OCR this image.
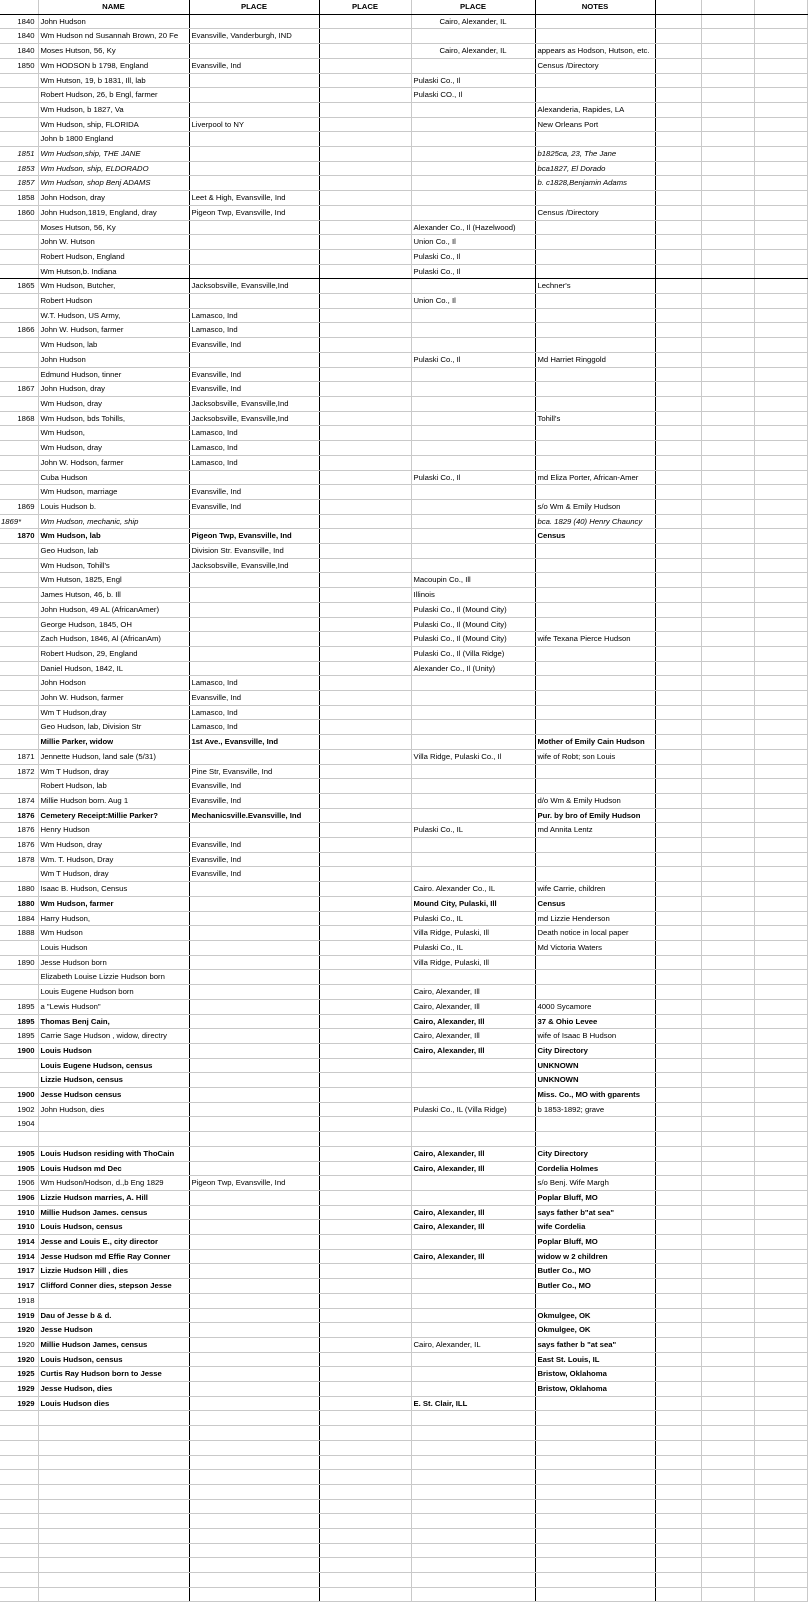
	NAME	PLACE	PLACE	PLACE	NOTES			
1840	John Hudson			Cairo, Alexander, IL				
1840	Wm Hudson nd Susannah Brown, 20 Fe	Evansville, Vanderburgh, IND						
1840	Moses Hutson, 56, Ky			Cairo, Alexander, IL	appears as Hodson, Hutson, etc.			
1850	Wm HODSON b 1798, England	Evansville, Ind			Census /Directory			
	Wm Hutson, 19, b 1831, Ill, lab			Pulaski Co., Il				
	Robert Hudson, 26, b Engl, farmer			Pulaski CO., Il				
	Wm Hudson, b 1827, Va				Alexanderia, Rapides, LA			
	Wm Hudson, ship, FLORIDA	Liverpool to NY			New Orleans Port			
	John b 1800 England							
1851	Wm Hudson,ship, THE JANE				b1825ca, 23, The Jane			
1853	Wm Hudson, ship, ELDORADO				bca1827, El Dorado			
1857	Wm Hudson, shop Benj ADAMS				b. c1828,Benjamin Adams			
1858	John Hodson, dray	Leet & High, Evansville, Ind						
1860	John Hudson,1819, England, dray	Pigeon Twp, Evansville, Ind			Census /Directory			
	Moses Hutson, 56, Ky			Alexander Co., Il (Hazelwood)				
	John W. Hutson			Union Co., Il				
	Robert Hudson, England			Pulaski Co., Il				
	Wm Hutson,b. Indiana			Pulaski Co., Il				
1865	Wm Hudson, Butcher,	Jacksobsville, Evansville,Ind			Lechner's			
	Robert Hudson			Union Co., Il				
	W.T. Hudson, US Army,	Lamasco, Ind						
1866	John W. Hudson, farmer	Lamasco, Ind						
	Wm Hudson, lab	Evansville, Ind						
	John Hudson			Pulaski Co., Il	Md Harriet Ringgold			
	Edmund Hudson, tinner	Evansville, Ind						
1867	John Hudson, dray	Evansville, Ind						
	Wm Hudson, dray	Jacksobsville, Evansville,Ind						
1868	Wm Hudson, bds Tohills,	Jacksobsville, Evansville,Ind			Tohill's			
	Wm Hudson,	Lamasco, Ind						
	Wm Hudson, dray	Lamasco, Ind						
	John W. Hodson, farmer	Lamasco, Ind						
	Cuba Hudson			Pulaski Co., Il	md Eliza Porter, African-Amer			
	Wm Hudson, marriage	Evansville, Ind						
1869	Louis Hudson b.	Evansville, Ind			s/o Wm & Emily Hudson			
1869*	Wm Hudson, mechanic, ship				bca. 1829 (40) Henry Chauncy			
1870	Wm Hudson, lab	Pigeon Twp, Evansville, Ind			Census			
	Geo Hudson, lab	Division Str. Evansville, Ind						
	Wm Hudson, Tohill's	Jacksobsville, Evansville,Ind						
	Wm Hutson, 1825, Engl			Macoupin Co., Ill				
	James Hutson, 46, b. Ill			Illinois				
	John Hudson, 49 AL (AfricanAmer)			Pulaski Co., Il (Mound City)				
	George Hudson, 1845, OH			Pulaski Co., Il (Mound City)				
	Zach Hudson, 1846, Al (AfricanAm)			Pulaski Co., Il (Mound City)	wife Texana Pierce Hudson			
	Robert Hudson, 29, England			Pulaski Co., Il (Villa Ridge)				
	Daniel Hudson, 1842, IL			Alexander Co., Il (Unity)				
	John Hodson	Lamasco, Ind						
	John W. Hudson, farmer	Evansville, Ind						
	Wm T Hudson,dray	Lamasco, Ind						
	Geo Hudson, lab, Division Str	Lamasco, Ind						
	Millie Parker, widow	1st Ave., Evansville, Ind			Mother of Emily Cain Hudson			
1871	Jennette Hudson, land sale (5/31)			Villa Ridge, Pulaski Co., Il	wife of Robt; son Louis			
1872	Wm T Hudson, dray	Pine Str, Evansville, Ind						
	Robert Hudson, lab	Evansville, Ind						
1874	Millie Hudson born. Aug 1	Evansville, Ind			d/o Wm & Emily Hudson			
1876	Cemetery Receipt:Millie Parker?	Mechanicsville.Evansville, Ind			Pur. by bro of Emily Hudson			
1876	Henry Hudson			Pulaski Co., IL	md Annita Lentz			
1876	Wm Hudson, dray	Evansville, Ind						
1878	Wm. T. Hudson, Dray	Evansville, Ind						
	Wm T Hudson, dray	Evansville, Ind						
1880	Isaac B. Hudson, Census			Cairo. Alexander Co., IL	wife Carrie, children			
1880	Wm Hudson, farmer			Mound City, Pulaski, Ill	Census			
1884	Harry Hudson,			Pulaski Co., IL	md Lizzie Henderson			
1888	Wm Hudson			Villa Ridge, Pulaski, Ill	Death notice in local paper			
	Louis Hudson			Pulaski Co., IL	Md Victoria Waters			
1890	Jesse Hudson born			Villa Ridge, Pulaski, Ill				
	Elizabeth Louise Lizzie Hudson born							
	Louis Eugene Hudson born			Cairo, Alexander, Ill				
1895	a "Lewis Hudson"			Cairo, Alexander, Ill	4000 Sycamore			
1895	Thomas Benj Cain,			Cairo, Alexander, Ill	37 & Ohio Levee			
1895	Carrie Sage Hudson , widow, directry			Cairo, Alexander, Ill	wife of Isaac B Hudson			
1900	Louis Hudson			Cairo, Alexander, Ill	City Directory			
	Louis Eugene Hudson, census				UNKNOWN			
	Lizzie Hudson, census				UNKNOWN			
1900	Jesse Hudson census				Miss. Co., MO with gparents			
1902	John Hudson, dies			Pulaski Co., IL (Villa Ridge)	b 1853-1892; grave			
1904								

1905	Louis Hudson residing with ThoCain			Cairo, Alexander, Ill	City Directory			
1905	Louis Hudson md Dec			Cairo, Alexander, Ill	Cordelia Holmes			
1906	Wm Hudson/Hodson, d.,b Eng 1829	Pigeon Twp, Evansville, Ind			s/o Benj. Wife Margh			
1906	Lizzie Hudson marries, A. Hill				Poplar Bluff, MO			
1910	Millie Hudson James. census			Cairo, Alexander, Ill	says father b"at sea"			
1910	Louis Hudson, census			Cairo, Alexander, Ill	wife Cordelia			
1914	Jesse and Louis E., city director				Poplar Bluff, MO			
1914	Jesse Hudson md Effie Ray Conner			Cairo, Alexander, Ill	widow w 2 children			
1917	Lizzie Hudson Hill , dies				Butler Co., MO			
1917	Clifford Conner dies, stepson Jesse				Butler Co., MO			
1918								
1919	Dau of Jesse b & d.				Okmulgee, OK			
1920	Jesse Hudson				Okmulgee, OK			
1920	Millie Hudson James, census			Cairo, Alexander, IL	says father b "at sea"			
1920	Louis Hudson, census				East St. Louis, IL			
1925	Curtis Ray Hudson born to Jesse				Bristow, Oklahoma			
1929	Jesse Hudson, dies				Bristow, Oklahoma			
1929	Louis Hudson dies			E. St. Clair, ILL				
